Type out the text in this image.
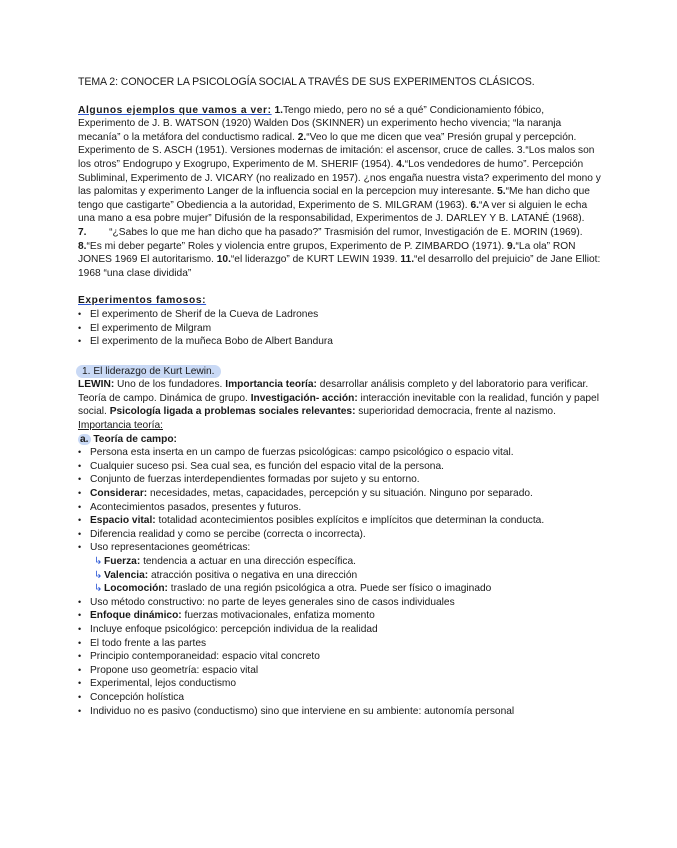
TEMA 2: CONOCER LA PSICOLOGÍA SOCIAL A TRAVÉS DE SUS EXPERIMENTOS CLÁSICOS.

Algunos ejemplos que vamos a ver: 1.Tengo miedo, pero no sé a qué” Condicionamiento fóbico, Experimento de J. B. WATSON (1920) Walden Dos (SKINNER) un experimento hecho vivencia; “la naranja mecanía” o la metáfora del conductismo radical. 2.“Veo lo que me dicen que vea” Presión grupal y percepción. Experimento de S. ASCH (1951). Versiones modernas de imitación: el ascensor, cruce de calles. 3.“Los malos son los otros” Endogrupo y Exogrupo, Experimento de M. SHERIF (1954). 4.“Los vendedores de humo”. Percepción Subliminal, Experimento de J. VICARY (no realizado en 1957). ¿nos engaña nuestra vista? experimento del mono y las palomitas y experimento Langer de la influencia social en la percepcion muy interesante. 5.“Me han dicho que tengo que castigarte” Obediencia a la autoridad, Experimento de S. MILGRAM (1963). 6.“A ver si alguien le echa una mano a esa pobre mujer” Difusión de la responsabilidad, Experimentos de J. DARLEY Y B. LATANÉ (1968). 7. “¿Sabes lo que me han dicho que ha pasado?” Trasmisión del rumor, Investigación de E. MORIN (1969). 8.“Es mi deber pegarte” Roles y violencia entre grupos, Experimento de P. ZIMBARDO (1971). 9.“La ola” RON JONES 1969 El autoritarismo. 10.“el liderazgo” de KURT LEWIN 1939. 11.“el desarrollo del prejuicio” de Jane Elliot: 1968 “una clase dividida”

Experimentos famosos:

• El experimento de Sherif de la Cueva de Ladrones
• El experimento de Milgram
• El experimento de la muñeca Bobo de Albert Bandura

1. El liderazgo de Kurt Lewin.

LEWIN: Uno de los fundadores. Importancia teoría: desarrollar análisis completo y del laboratorio para verificar. Teoría de campo. Dinámica de grupo. Investigación- acción: interacción inevitable con la realidad, función y papel social. Psicología ligada a problemas sociales relevantes: superioridad democracia, frente al nazismo. Importancia teoría:

a. Teoría de campo:

• Persona esta inserta en un campo de fuerzas psicológicas: campo psicológico o espacio vital.
• Cualquier suceso psi. Sea cual sea, es función del espacio vital de la persona.
• Conjunto de fuerzas interdependientes formadas por sujeto y su entorno.
• Considerar: necesidades, metas, capacidades, percepción y su situación. Ninguno por separado.
• Acontecimientos pasados, presentes y futuros.
• Espacio vital: totalidad acontecimientos posibles explícitos e implícitos que determinan la conducta.
• Diferencia realidad y como se percibe (correcta o incorrecta).
• Uso representaciones geométricas:
↳ Fuerza: tendencia a actuar en una dirección específica.
↳ Valencia: atracción positiva o negativa en una dirección
↳ Locomoción: traslado de una región psicológica a otra. Puede ser físico o imaginado
• Uso método constructivo: no parte de leyes generales sino de casos individuales
• Enfoque dinámico: fuerzas motivacionales, enfatiza momento
• Incluye enfoque psicológico: percepción individua de la realidad
• El todo frente a las partes
• Principio contemporaneidad: espacio vital concreto
• Propone uso geometría: espacio vital
• Experimental, lejos conductismo
• Concepción holística
• Individuo no es pasivo (conductismo) sino que interviene en su ambiente: autonomía personal
